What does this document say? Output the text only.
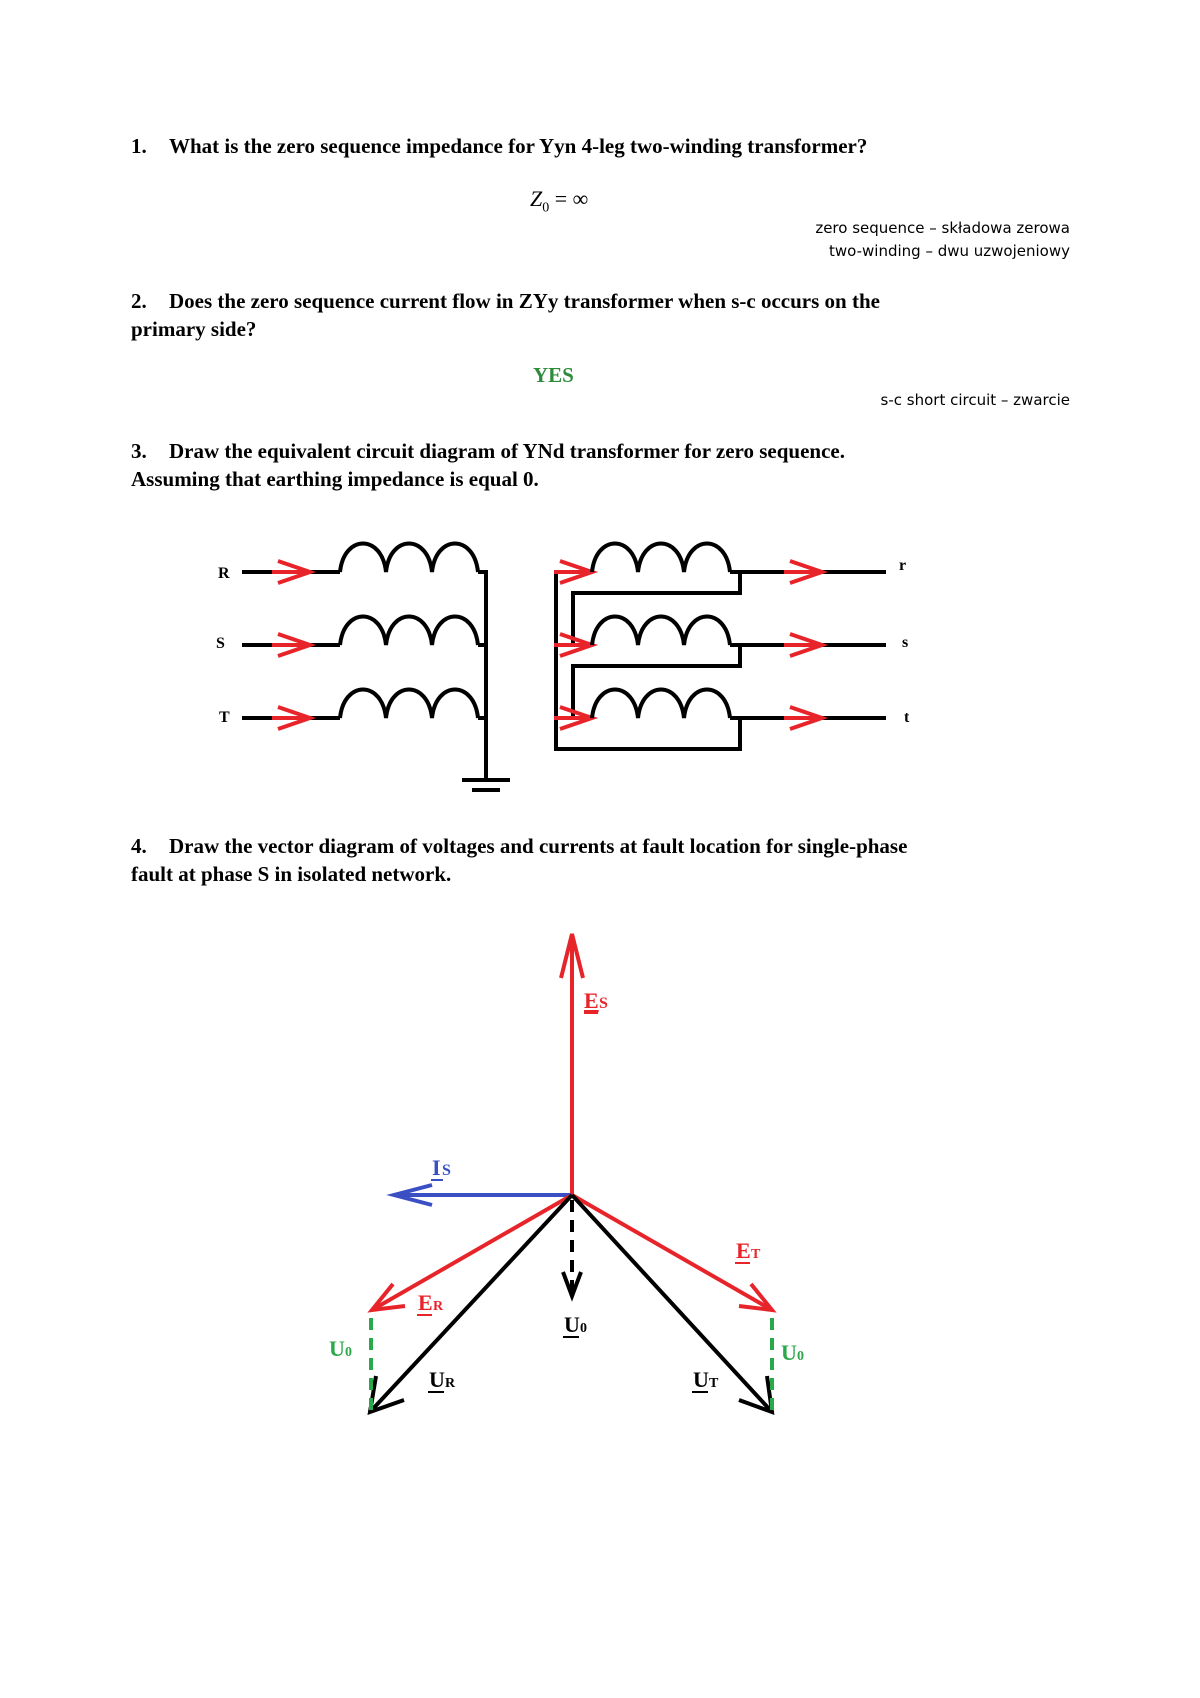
1. What is the zero sequence impedance for Yyn 4-leg two-winding transformer?
$Z_0$ = ∞
zero sequence – składowa zerowa
two-winding – dwu uzwojeniowy
2. Does the zero sequence current flow in ZYy transformer when s-c occurs on the
primary side?
YES
s-c short circuit – zwarcie
3. Draw the equivalent circuit diagram of YNd transformer for zero sequence.
Assuming that earthing impedance is equal 0.
R
S
T
r
s
t
E S
I S
E T
E R
U 0
U 0	U 0
U R	U T
4. Draw the vector diagram of voltages and currents at fault location for single-phase
fault at phase S in isolated network.
